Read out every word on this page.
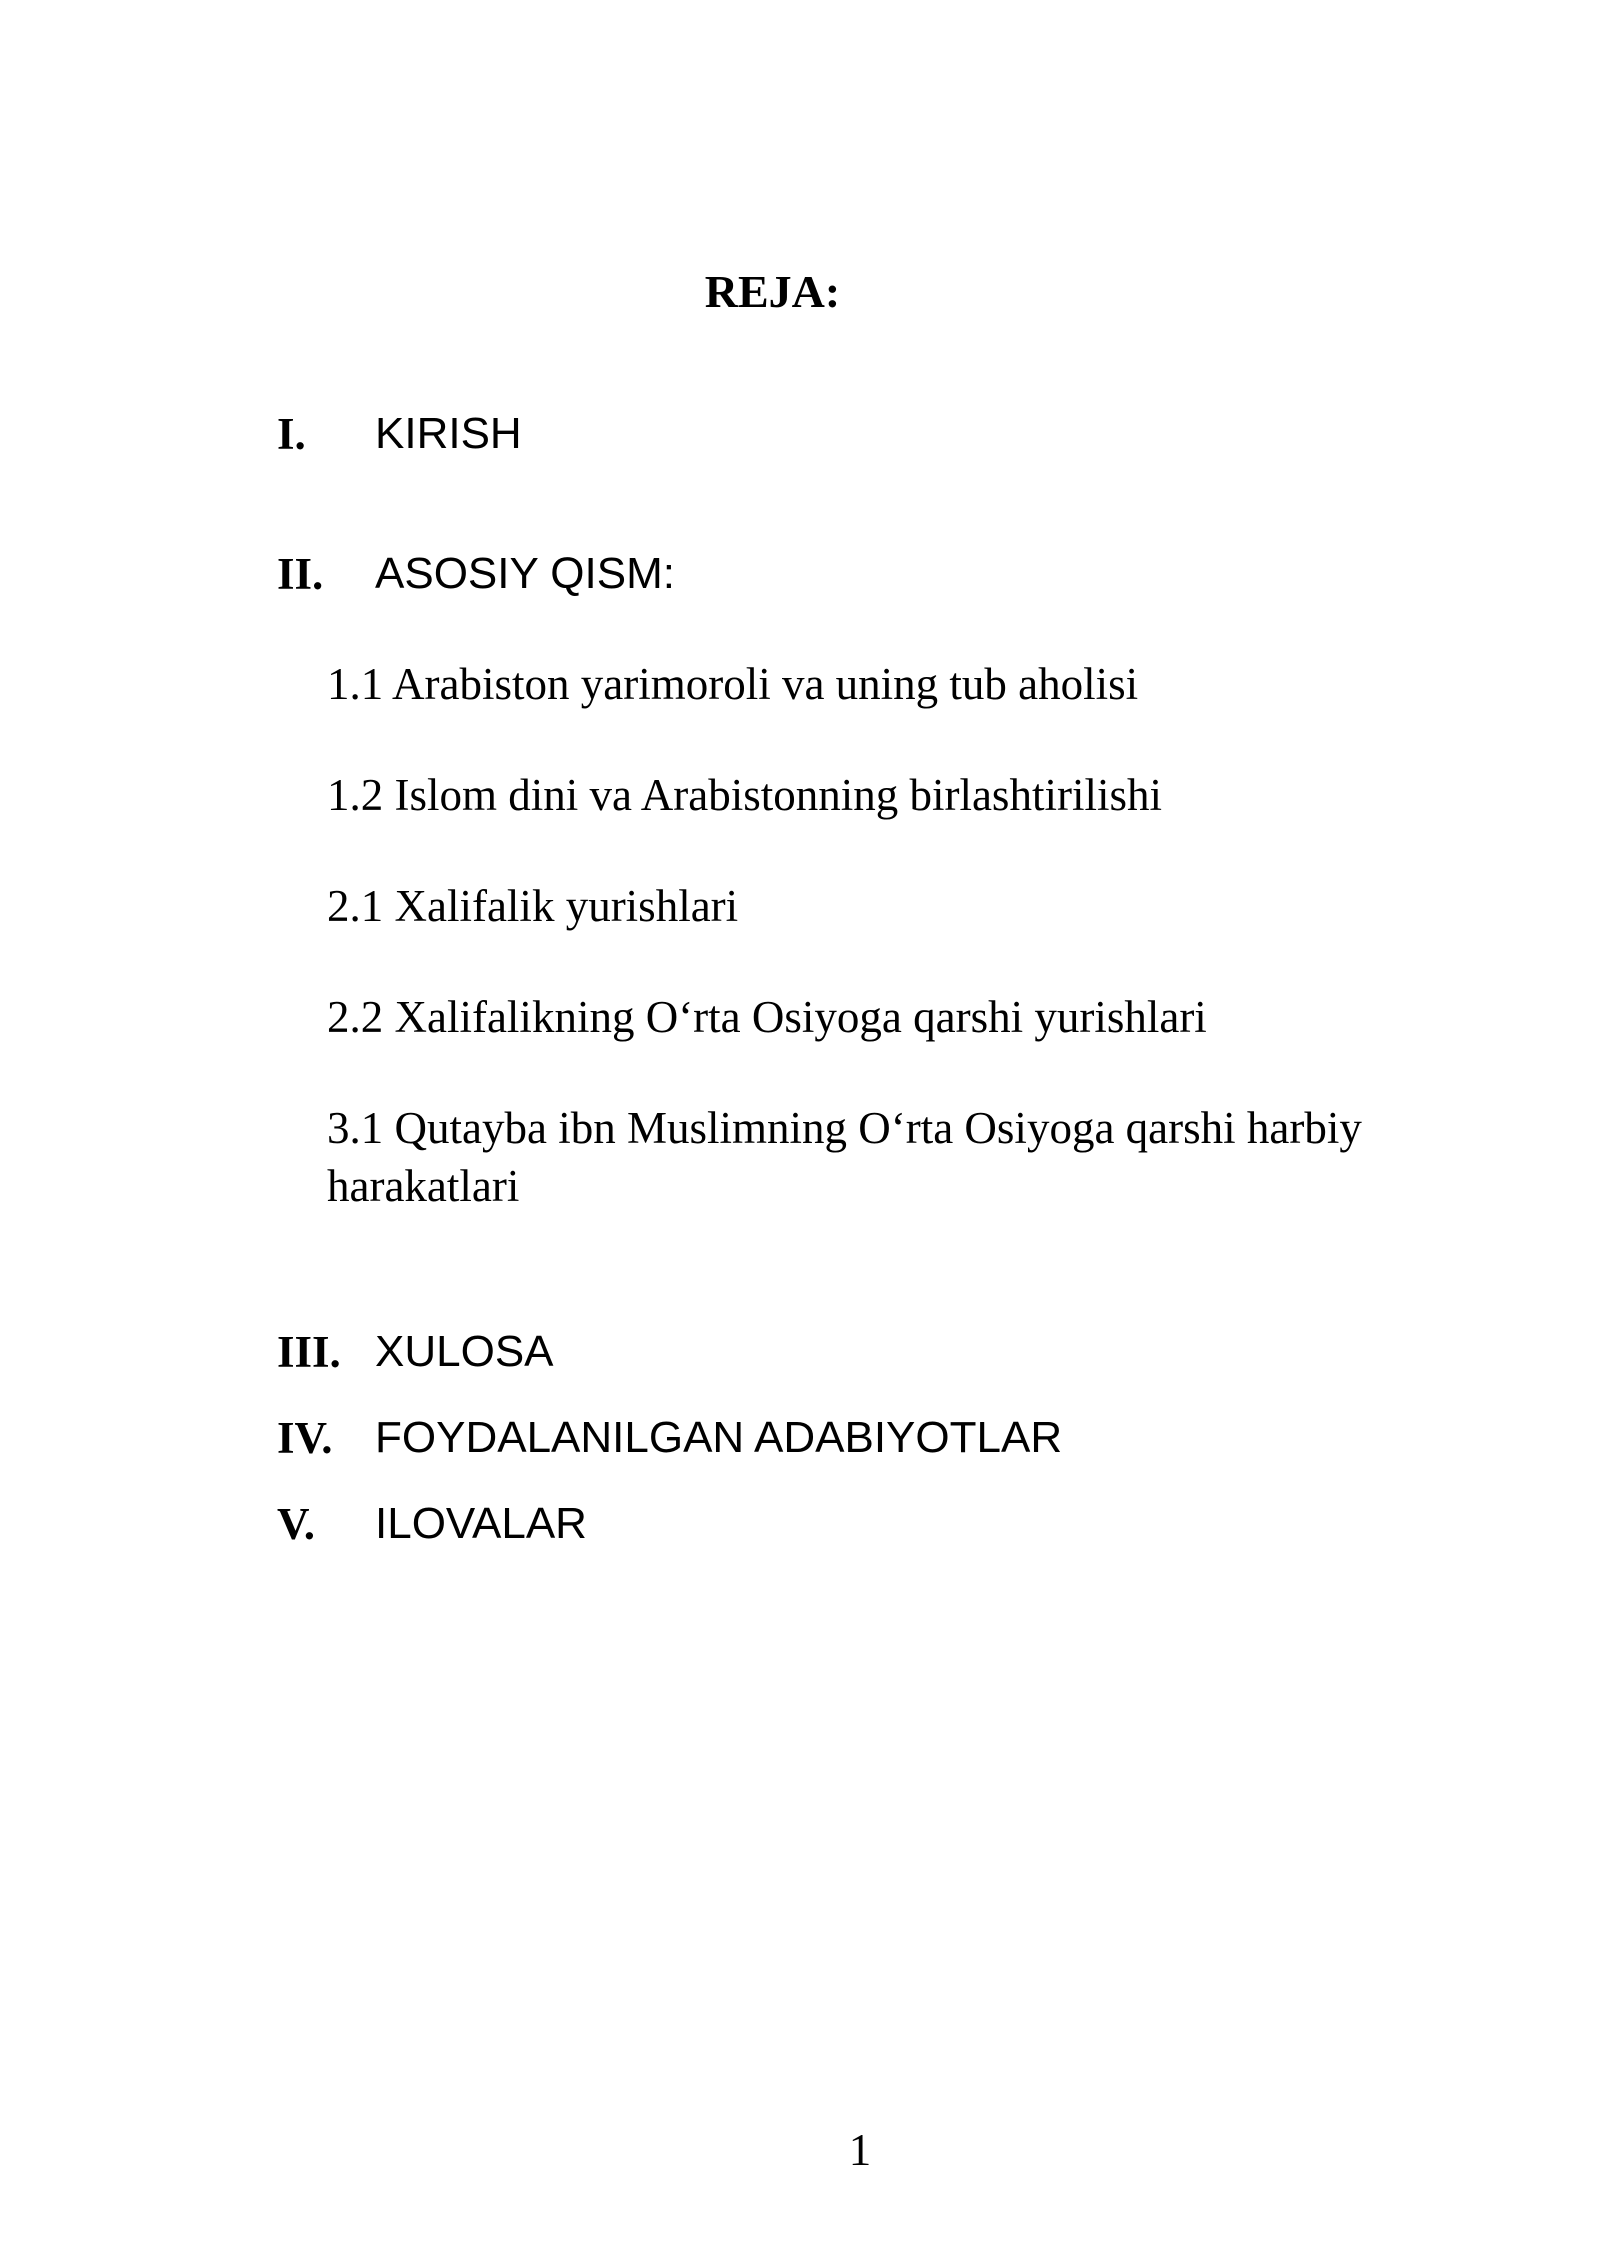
REJA:
I. KIRISH
II. ASOSIY QISM:
1.1 Arabiston yarimoroli va uning tub aholisi
1.2 Islom dini va Arabistonning birlashtirilishi
2.1 Xalifalik yurishlari
2.2 Xalifalikning O‘rta Osiyoga qarshi yurishlari
3.1 Qutayba ibn Muslimning O‘rta Osiyoga qarshi harbiy harakatlari
III. XULOSA
IV. FOYDALANILGAN ADABIYOTLAR
V. ILOVALAR
1
